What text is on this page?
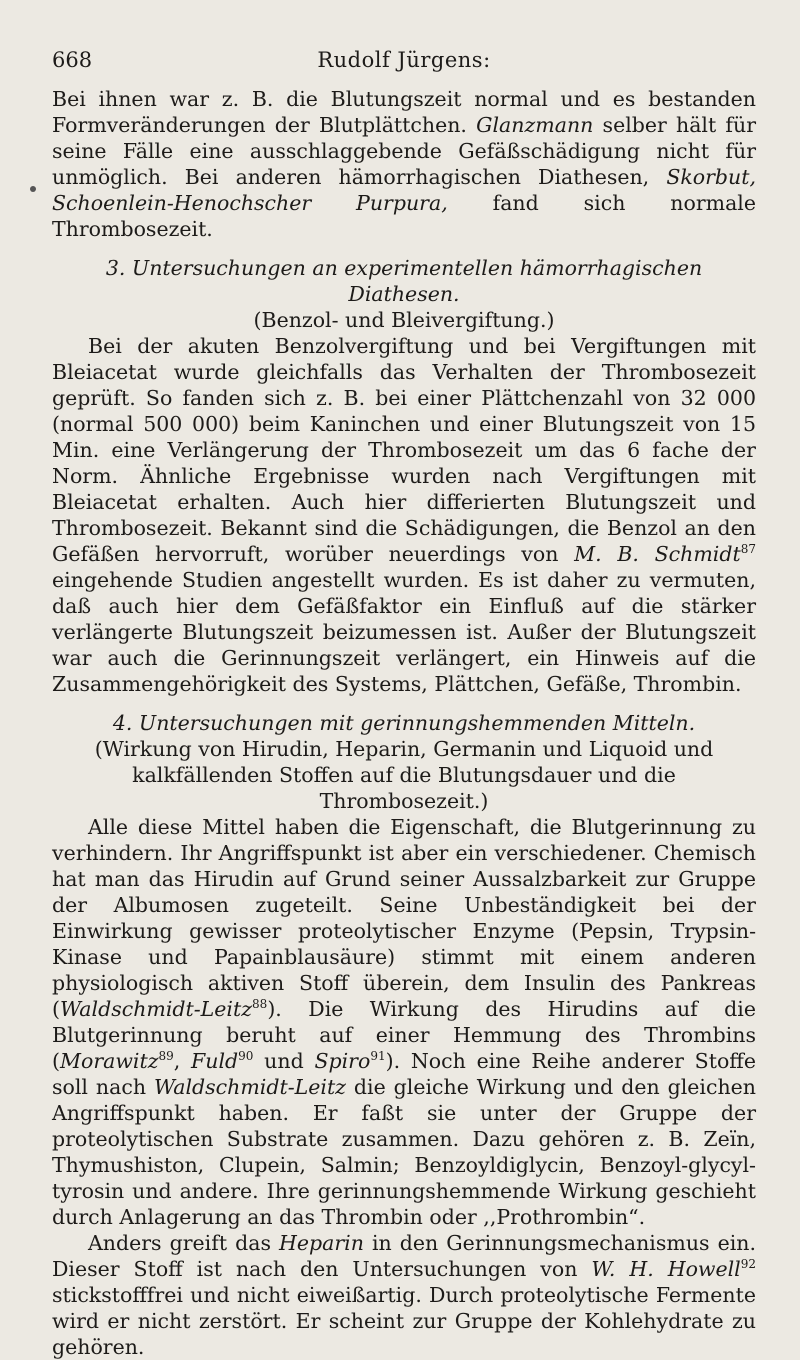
668	Rudolf Jürgens:

Bei ihnen war z. B. die Blutungszeit normal und es bestanden Formveränderungen der Blutplättchen. Glanzmann selber hält für seine Fälle eine ausschlaggebende Gefäßschädigung nicht für unmöglich. Bei anderen hämorrhagischen Diathesen, Skorbut, Schoenlein-Henochscher Purpura, fand sich normale Thrombosezeit.

3. Untersuchungen an experimentellen hämorrhagischen Diathesen.
(Benzol- und Bleivergiftung.)

Bei der akuten Benzolvergiftung und bei Vergiftungen mit Bleiacetat wurde gleichfalls das Verhalten der Thrombosezeit geprüft. So fanden sich z. B. bei einer Plättchenzahl von 32 000 (normal 500 000) beim Kaninchen und einer Blutungszeit von 15 Min. eine Verlängerung der Thrombosezeit um das 6 fache der Norm. Ähnliche Ergebnisse wurden nach Vergiftungen mit Bleiacetat erhalten. Auch hier differierten Blutungszeit und Thrombosezeit. Bekannt sind die Schädigungen, die Benzol an den Gefäßen hervorruft, worüber neuerdings von M. B. Schmidt$^{87}$ eingehende Studien angestellt wurden. Es ist daher zu vermuten, daß auch hier dem Gefäßfaktor ein Einfluß auf die stärker verlängerte Blutungszeit beizumessen ist. Außer der Blutungszeit war auch die Gerinnungszeit verlängert, ein Hinweis auf die Zusammengehörigkeit des Systems, Plättchen, Gefäße, Thrombin.

4. Untersuchungen mit gerinnungshemmenden Mitteln.
(Wirkung von Hirudin, Heparin, Germanin und Liquoid und kalkfällenden Stoffen auf die Blutungsdauer und die Thrombosezeit.)

Alle diese Mittel haben die Eigenschaft, die Blutgerinnung zu verhindern. Ihr Angriffspunkt ist aber ein verschiedener. Chemisch hat man das Hirudin auf Grund seiner Aussalzbarkeit zur Gruppe der Albumosen zugeteilt. Seine Unbeständigkeit bei der Einwirkung gewisser proteolytischer Enzyme (Pepsin, Trypsin-Kinase und Papainblausäure) stimmt mit einem anderen physiologisch aktiven Stoff überein, dem Insulin des Pankreas (Waldschmidt-Leitz$^{88}$). Die Wirkung des Hirudins auf die Blutgerinnung beruht auf einer Hemmung des Thrombins (Morawitz$^{89}$, Fuld$^{90}$ und Spiro$^{91}$). Noch eine Reihe anderer Stoffe soll nach Waldschmidt-Leitz die gleiche Wirkung und den gleichen Angriffspunkt haben. Er faßt sie unter der Gruppe der proteolytischen Substrate zusammen. Dazu gehören z. B. Zeïn, Thymushiston, Clupein, Salmin; Benzoyldiglycin, Benzoyl-glycyl-tyrosin und andere. Ihre gerinnungshemmende Wirkung geschieht durch Anlagerung an das Thrombin oder ,,Prothrombin“.

Anders greift das Heparin in den Gerinnungsmechanismus ein. Dieser Stoff ist nach den Untersuchungen von W. H. Howell$^{92}$ stickstofffrei und nicht eiweißartig. Durch proteolytische Fermente wird er nicht zerstört. Er scheint zur Gruppe der Kohlehydrate zu gehören.
